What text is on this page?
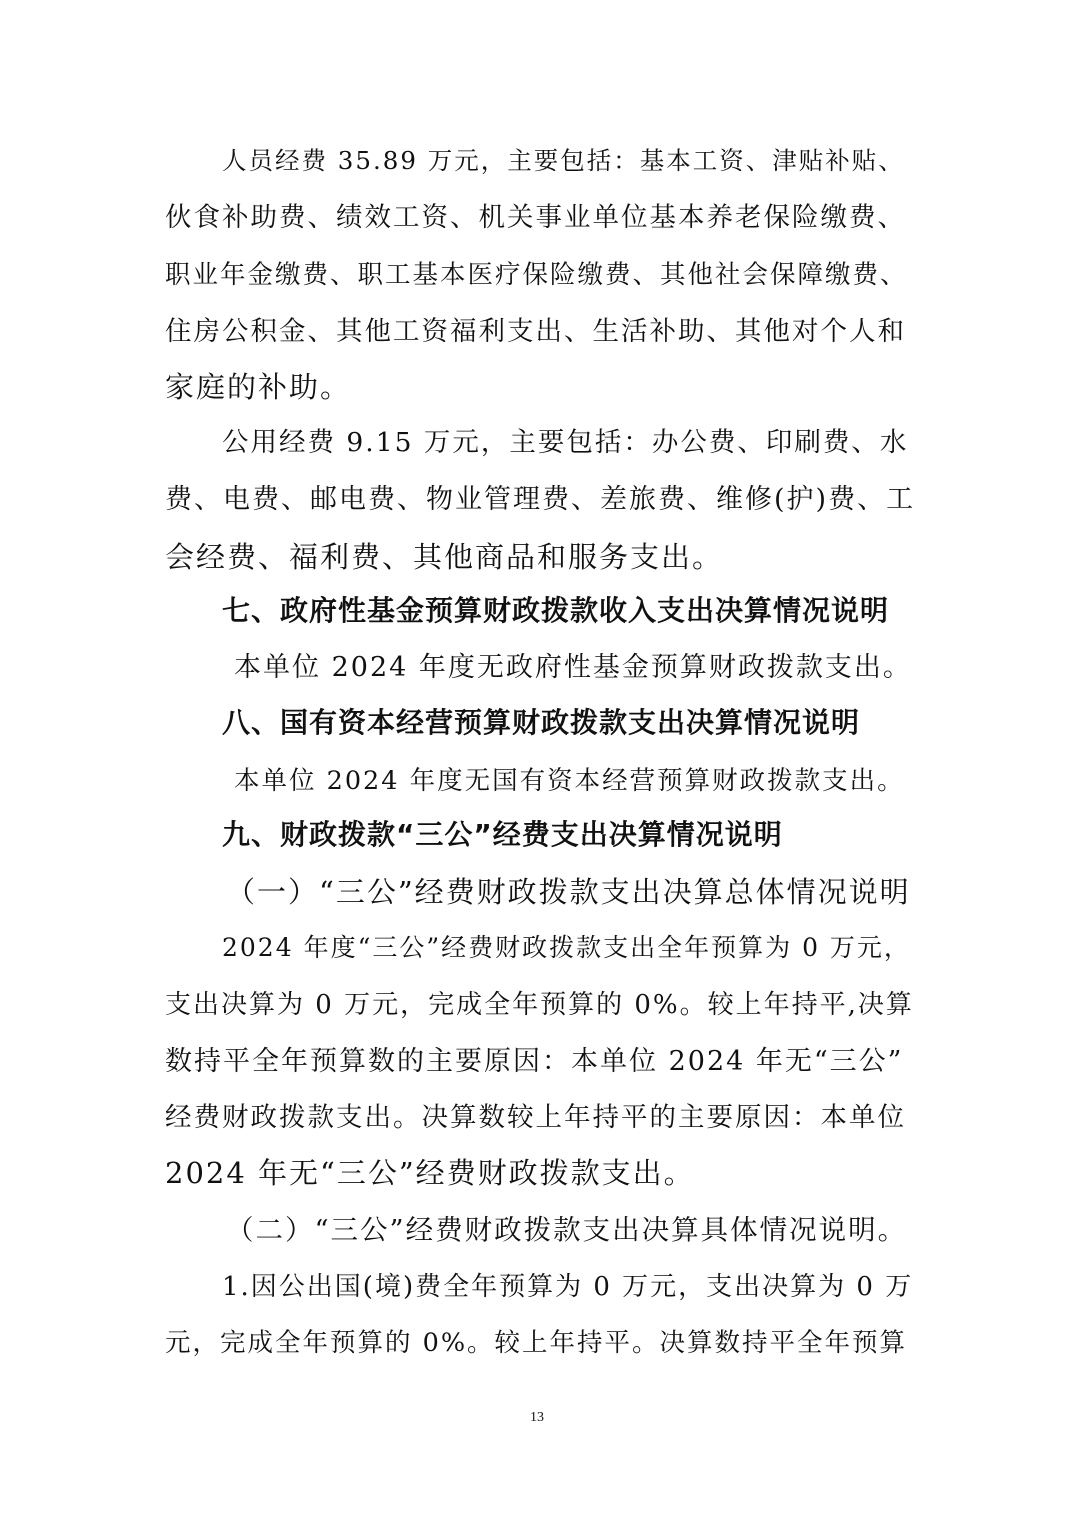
人员经费 35.89 万元，主要包括：基本工资、津贴补贴、
伙食补助费、绩效工资、机关事业单位基本养老保险缴费、
职业年金缴费、职工基本医疗保险缴费、其他社会保障缴费、
住房公积金、其他工资福利支出、生活补助、其他对个人和
家庭的补助。
公用经费 9.15 万元，主要包括：办公费、印刷费、水
费、电费、邮电费、物业管理费、差旅费、维修(护)费、工
会经费、福利费、其他商品和服务支出。
七、政府性基金预算财政拨款收入支出决算情况说明
本单位 2024 年度无政府性基金预算财政拨款支出。
八、国有资本经营预算财政拨款支出决算情况说明
本单位 2024 年度无国有资本经营预算财政拨款支出。
九、财政拨款“三公”经费支出决算情况说明
（一）“三公”经费财政拨款支出决算总体情况说明
2024 年度“三公”经费财政拨款支出全年预算为 0 万元，
支出决算为 0 万元，完成全年预算的 0%。较上年持平,决算
数持平全年预算数的主要原因：本单位 2024 年无“三公”
经费财政拨款支出。决算数较上年持平的主要原因：本单位
2024 年无“三公”经费财政拨款支出。
（二）“三公”经费财政拨款支出决算具体情况说明。
1.因公出国(境)费全年预算为 0 万元，支出决算为 0 万
元，完成全年预算的 0%。较上年持平。决算数持平全年预算
13
